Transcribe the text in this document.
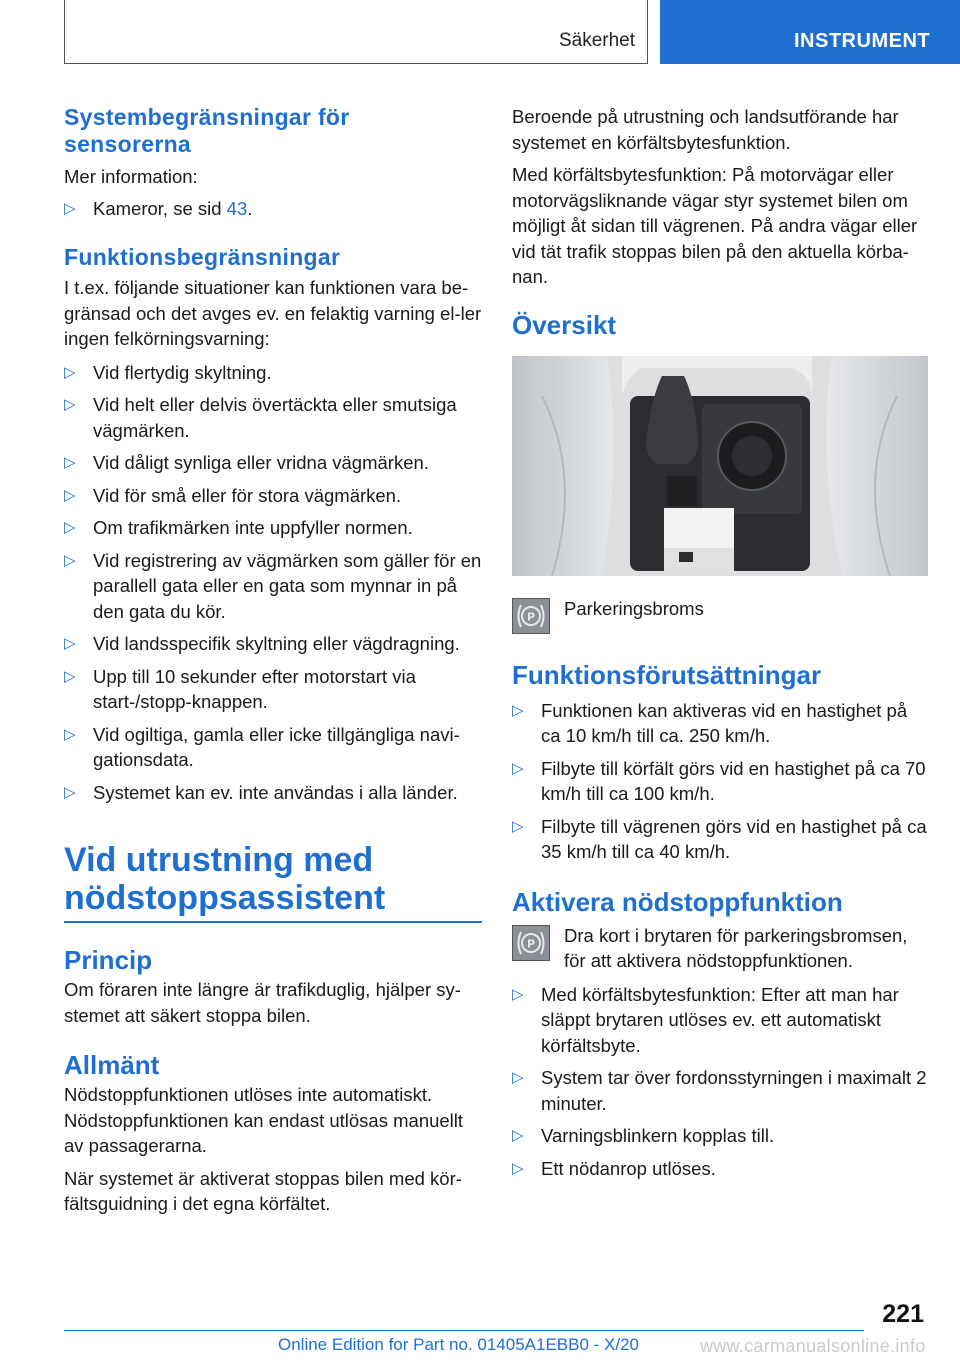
Säkerhet	INSTRUMENT
Systembegränsningar för sensorerna

Mer information:

▷ Kameror, se sid 43.
Funktionsbegränsningar

I t.ex. följande situationer kan funktionen vara be-gränsad och det avges ev. en felaktig varning el-ler ingen felkörningsvarning:

▷ Vid flertydig skyltning.
▷ Vid helt eller delvis övertäckta eller smutsiga vägmärken.
▷ Vid dåligt synliga eller vridna vägmärken.
▷ Vid för små eller för stora vägmärken.
▷ Om trafikmärken inte uppfyller normen.
▷ Vid registrering av vägmärken som gäller för en parallell gata eller en gata som mynnar in på den gata du kör.
▷ Vid landsspecifik skyltning eller vägdragning.
▷ Upp till 10 sekunder efter motorstart via start-/stopp-knappen.
▷ Vid ogiltiga, gamla eller icke tillgängliga navi-gationsdata.
▷ Systemet kan ev. inte användas i alla länder.
Vid utrustning med nödstoppsassistent
Princip

Om föraren inte längre är trafikduglig, hjälper sy-stemet att säkert stoppa bilen.

Allmänt

Nödstoppfunktionen utlöses inte automatiskt. Nödstoppfunktionen kan endast utlösas manuellt av passagerarna.

När systemet är aktiverat stoppas bilen med kör-fältsguidning i det egna körfältet.

Beroende på utrustning och landsutförande har systemet en körfältsbytesfunktion.

Med körfältsbytesfunktion: På motorvägar eller motorvägsliknande vägar styr systemet bilen om möjligt åt sidan till vägrenen. På andra vägar eller vid tät trafik stoppas bilen på den aktuella körba-nan.

Översikt
P	Parkeringsbroms

Funktionsförutsättningar
▷ Funktionen kan aktiveras vid en hastighet på ca 10 km/h till ca. 250 km/h.
▷ Filbyte till körfält görs vid en hastighet på ca 70 km/h till ca 100 km/h.
▷ Filbyte till vägrenen görs vid en hastighet på ca 35 km/h till ca 40 km/h.
Aktivera nödstoppfunktion
P	Dra kort i brytaren för parkeringsbromsen, för att aktivera nödstoppfunktionen.

▷ Med körfältsbytesfunktion: Efter att man har släppt brytaren utlöses ev. ett automatiskt körfältsbyte.
▷ System tar över fordonsstyrningen i maximalt 2 minuter.
▷ Varningsblinkern kopplas till.
▷ Ett nödanrop utlöses.
221
Online Edition for Part no. 01405A1EBB0 - X/20	www.carmanualsonline.info
